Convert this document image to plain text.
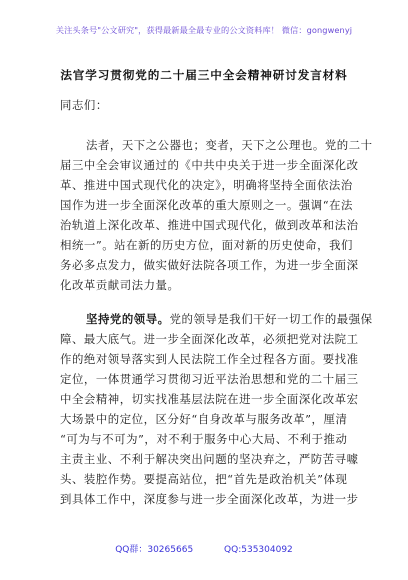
关注头条号"公文研究"，获得最新最全最专业的公文资料库！ 微信：gongwenyj
法官学习贯彻党的二十届三中全会精神研讨发言材料
同志们：
法者，天下之公器也；变者，天下之公理也。党的二十
届三中全会审议通过的《中共中央关于进一步全面深化改
革、推进中国式现代化的决定》，明确将坚持全面依法治
国作为进一步全面深化改革的重大原则之一。强调“在法
治轨道上深化改革、推进中国式现代化，做到改革和法治
相统一”。站在新的历史方位，面对新的历史使命，我们
务必多点发力，做实做好法院各项工作，为进一步全面深
化改革贡献司法力量。
坚持党的领导。党的领导是我们干好一切工作的最强保
障、最大底气。进一步全面深化改革，必须把党对法院工
作的绝对领导落实到人民法院工作全过程各方面。要找准
定位，一体贯通学习贯彻习近平法治思想和党的二十届三
中全会精神，切实找准基层法院在进一步全面深化改革宏
大场景中的定位，区分好“自身改革与服务改革”，厘清
“可为与不可为”，对不利于服务中心大局、不利于推动
主责主业、不利于解决突出问题的坚决弃之，严防苦寻噱
头、装腔作势。要提高站位，把“首先是政治机关”体现
到具体工作中，深度参与进一步全面深化改革，为进一步
QQ群：30265665	QQ:535304092
